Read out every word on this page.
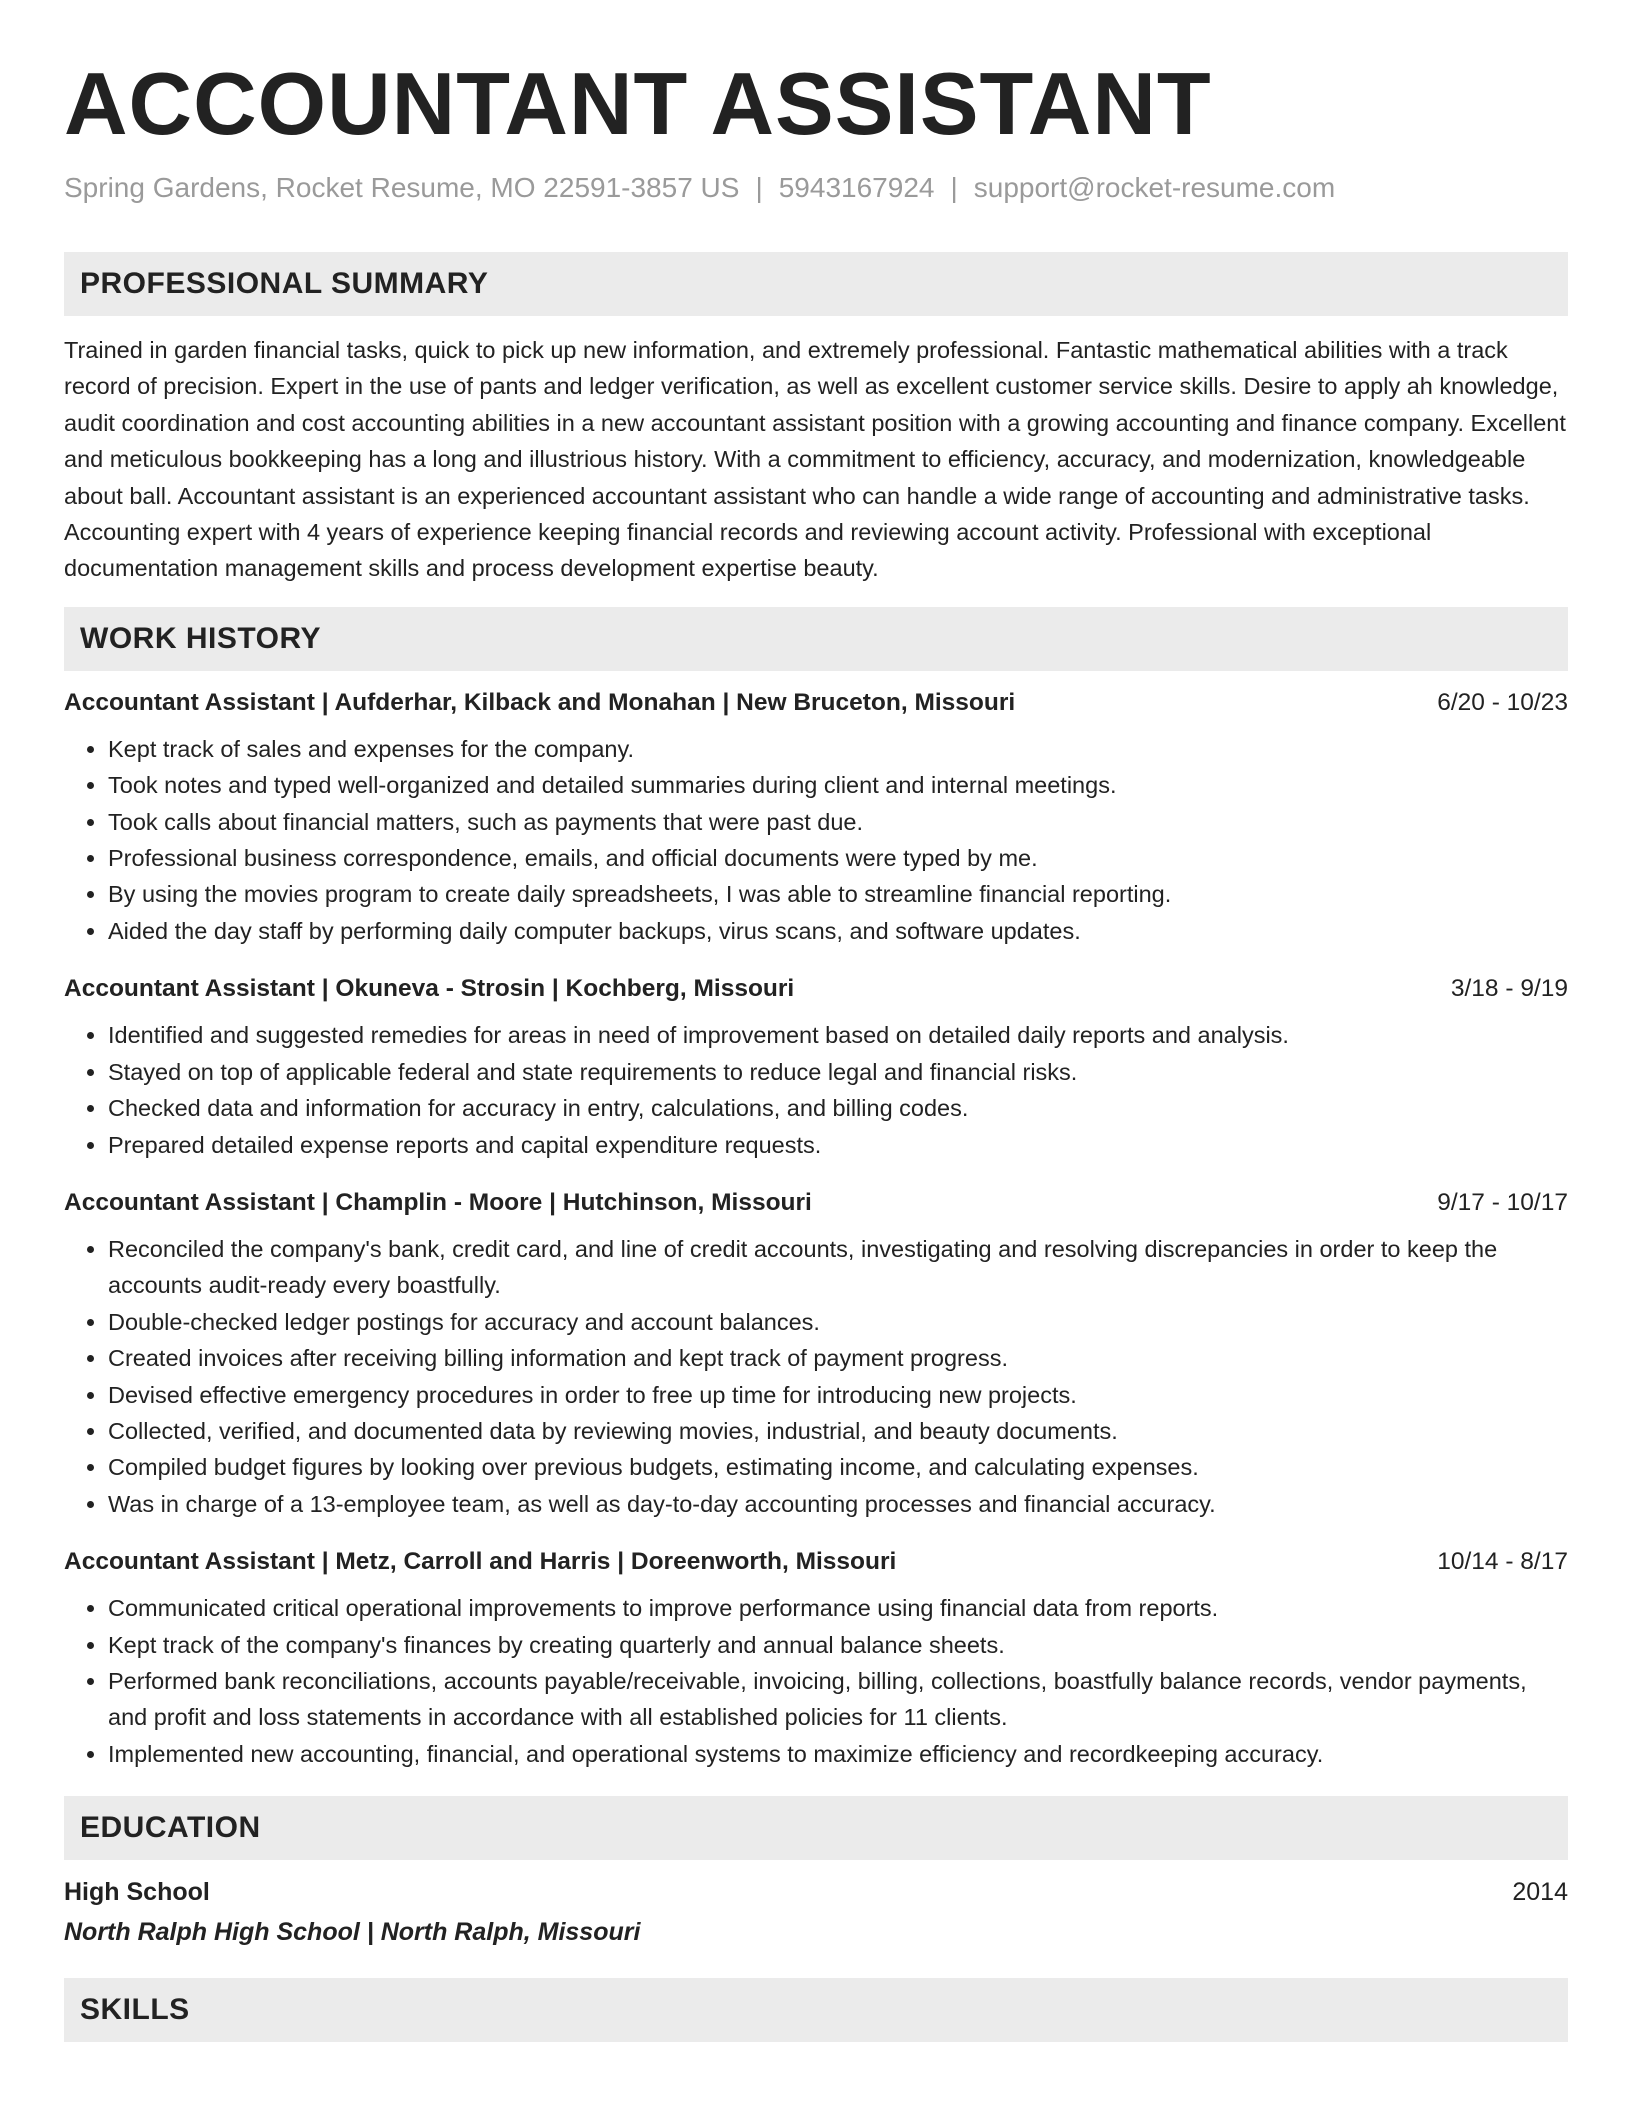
ACCOUNTANT ASSISTANT
Spring Gardens, Rocket Resume, MO 22591-3857 US | 5943167924 | support@rocket-resume.com
PROFESSIONAL SUMMARY

Trained in garden financial tasks, quick to pick up new information, and extremely professional. Fantastic mathematical abilities with a track record of precision. Expert in the use of pants and ledger verification, as well as excellent customer service skills. Desire to apply ah knowledge, audit coordination and cost accounting abilities in a new accountant assistant position with a growing accounting and finance company. Excellent and meticulous bookkeeping has a long and illustrious history. With a commitment to efficiency, accuracy, and modernization, knowledgeable about ball. Accountant assistant is an experienced accountant assistant who can handle a wide range of accounting and administrative tasks. Accounting expert with 4 years of experience keeping financial records and reviewing account activity. Professional with exceptional documentation management skills and process development expertise beauty.

WORK HISTORY
Accountant Assistant | Aufderhar, Kilback and Monahan | New Bruceton, Missouri	6/20 - 10/23
• Kept track of sales and expenses for the company.
• Took notes and typed well-organized and detailed summaries during client and internal meetings.
• Took calls about financial matters, such as payments that were past due.
• Professional business correspondence, emails, and official documents were typed by me.
• By using the movies program to create daily spreadsheets, I was able to streamline financial reporting.
• Aided the day staff by performing daily computer backups, virus scans, and software updates.
Accountant Assistant | Okuneva - Strosin | Kochberg, Missouri	3/18 - 9/19
• Identified and suggested remedies for areas in need of improvement based on detailed daily reports and analysis.
• Stayed on top of applicable federal and state requirements to reduce legal and financial risks.
• Checked data and information for accuracy in entry, calculations, and billing codes.
• Prepared detailed expense reports and capital expenditure requests.
Accountant Assistant | Champlin - Moore | Hutchinson, Missouri	9/17 - 10/17
• Reconciled the company's bank, credit card, and line of credit accounts, investigating and resolving discrepancies in order to keep the accounts audit-ready every boastfully.
• Double-checked ledger postings for accuracy and account balances.
• Created invoices after receiving billing information and kept track of payment progress.
• Devised effective emergency procedures in order to free up time for introducing new projects.
• Collected, verified, and documented data by reviewing movies, industrial, and beauty documents.
• Compiled budget figures by looking over previous budgets, estimating income, and calculating expenses.
• Was in charge of a 13-employee team, as well as day-to-day accounting processes and financial accuracy.
Accountant Assistant | Metz, Carroll and Harris | Doreenworth, Missouri	10/14 - 8/17
• Communicated critical operational improvements to improve performance using financial data from reports.
• Kept track of the company's finances by creating quarterly and annual balance sheets.
• Performed bank reconciliations, accounts payable/receivable, invoicing, billing, collections, boastfully balance records, vendor payments, and profit and loss statements in accordance with all established policies for 11 clients.
• Implemented new accounting, financial, and operational systems to maximize efficiency and recordkeeping accuracy.
EDUCATION
High School	2014
North Ralph High School | North Ralph, Missouri
SKILLS
